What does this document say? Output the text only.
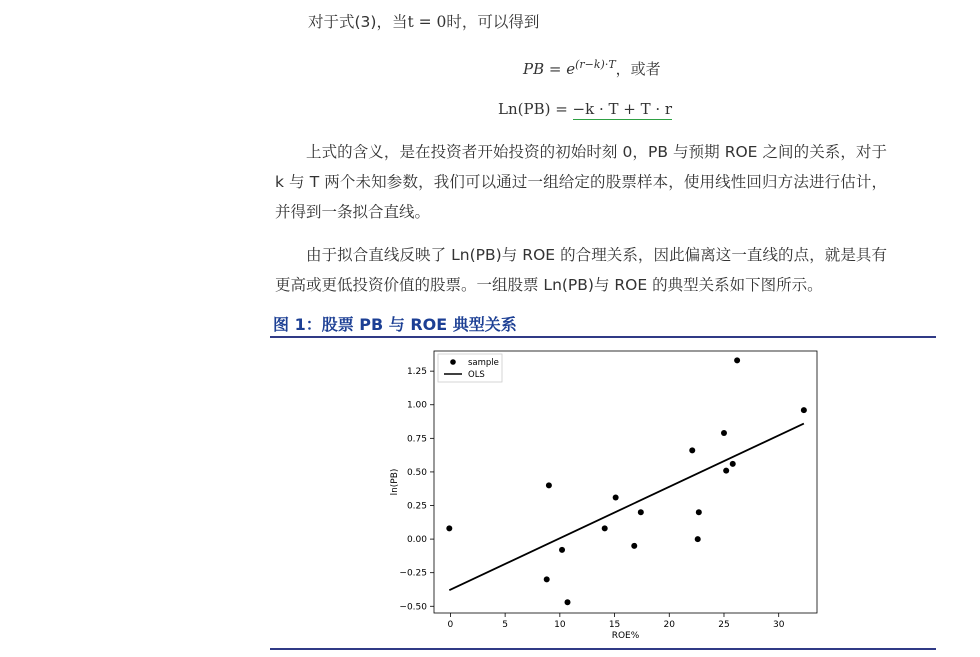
对于式(3)，当t = 0时，可以得到
PB = $e^{(r-k)\cdot T}$，或者
Ln(PB) = −k · T + T · r

上式的含义，是在投资者开始投资的初始时刻 0，PB 与预期 ROE 之间的关系，对于 k 与 T 两个未知参数，我们可以通过一组给定的股票样本，使用线性回归方法进行估计，并得到一条拟合直线。

由于拟合直线反映了 Ln(PB)与 ROE 的合理关系，因此偏离这一直线的点，就是具有更高或更低投资价值的股票。一组股票 Ln(PB)与 ROE 的典型关系如下图所示。

图 1：股票 PB 与 ROE 典型关系
0	5	10	15	20	25	30
−0.50
−0.25
0.00
0.25
0.50
0.75
1.00
1.25
ROE%
ln(PB)
sample
OLS
